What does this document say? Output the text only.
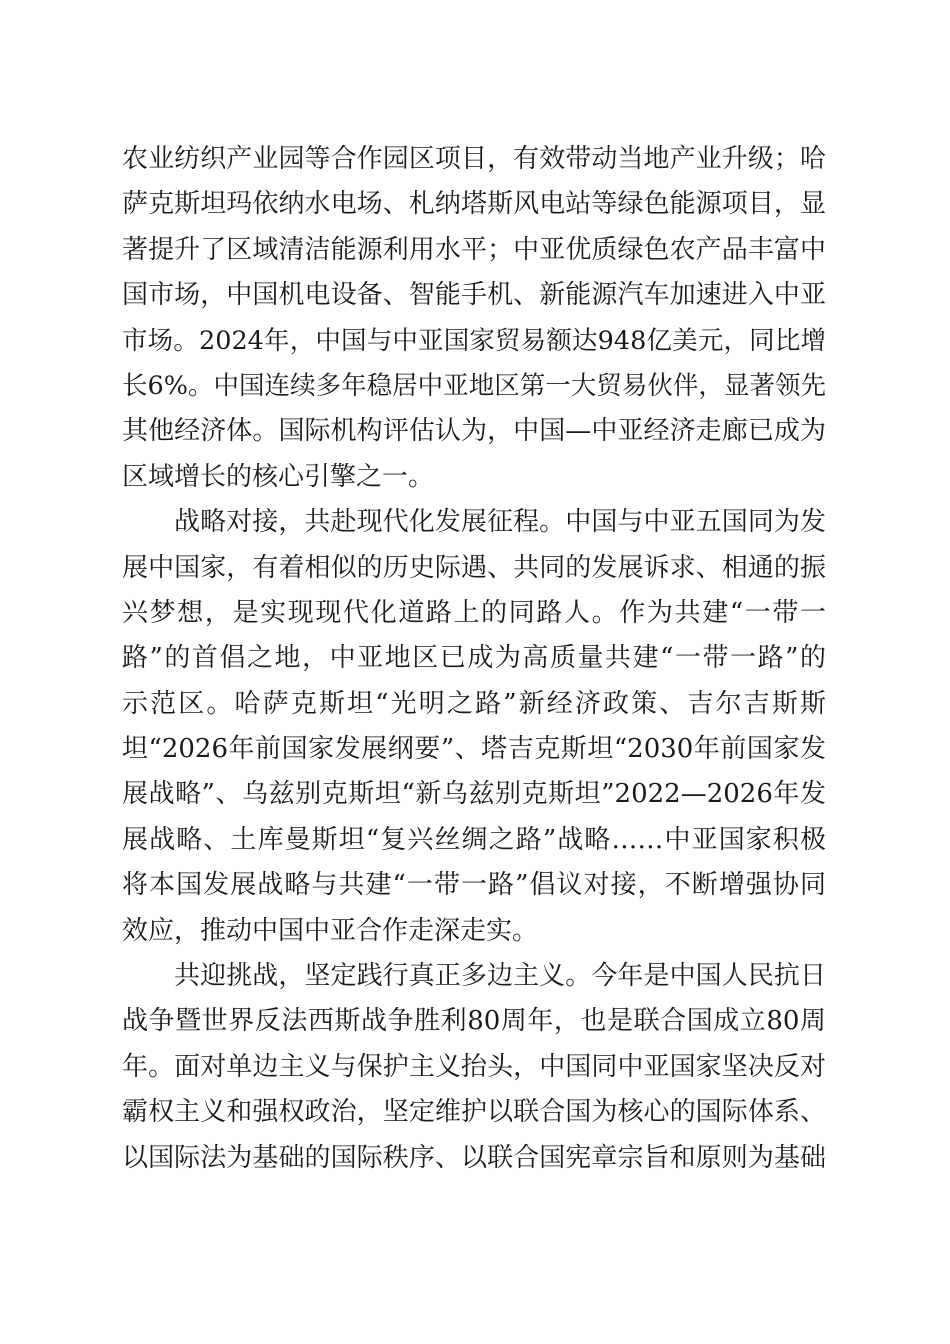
农业纺织产业园等合作园区项目，有效带动当地产业升级；哈
萨克斯坦玛依纳水电场、札纳塔斯风电站等绿色能源项目，显
著提升了区域清洁能源利用水平；中亚优质绿色农产品丰富中
国市场，中国机电设备、智能手机、新能源汽车加速进入中亚
市场。2024年，中国与中亚国家贸易额达948亿美元，同比增
长6%。中国连续多年稳居中亚地区第一大贸易伙伴，显著领先
其他经济体。国际机构评估认为，中国—中亚经济走廊已成为
区域增长的核心引擎之一。
战略对接，共赴现代化发展征程。中国与中亚五国同为发
展中国家，有着相似的历史际遇、共同的发展诉求、相通的振
兴梦想，是实现现代化道路上的同路人。作为共建“一带一
路”的首倡之地，中亚地区已成为高质量共建“一带一路”的
示范区。哈萨克斯坦“光明之路”新经济政策、吉尔吉斯斯
坦“2026年前国家发展纲要”、塔吉克斯坦“2030年前国家发
展战略”、乌兹别克斯坦“新乌兹别克斯坦”2022—2026年发
展战略、土库曼斯坦“复兴丝绸之路”战略……中亚国家积极
将本国发展战略与共建“一带一路”倡议对接，不断增强协同
效应，推动中国中亚合作走深走实。
共迎挑战，坚定践行真正多边主义。今年是中国人民抗日
战争暨世界反法西斯战争胜利80周年，也是联合国成立80周
年。面对单边主义与保护主义抬头，中国同中亚国家坚决反对
霸权主义和强权政治，坚定维护以联合国为核心的国际体系、
以国际法为基础的国际秩序、以联合国宪章宗旨和原则为基础
